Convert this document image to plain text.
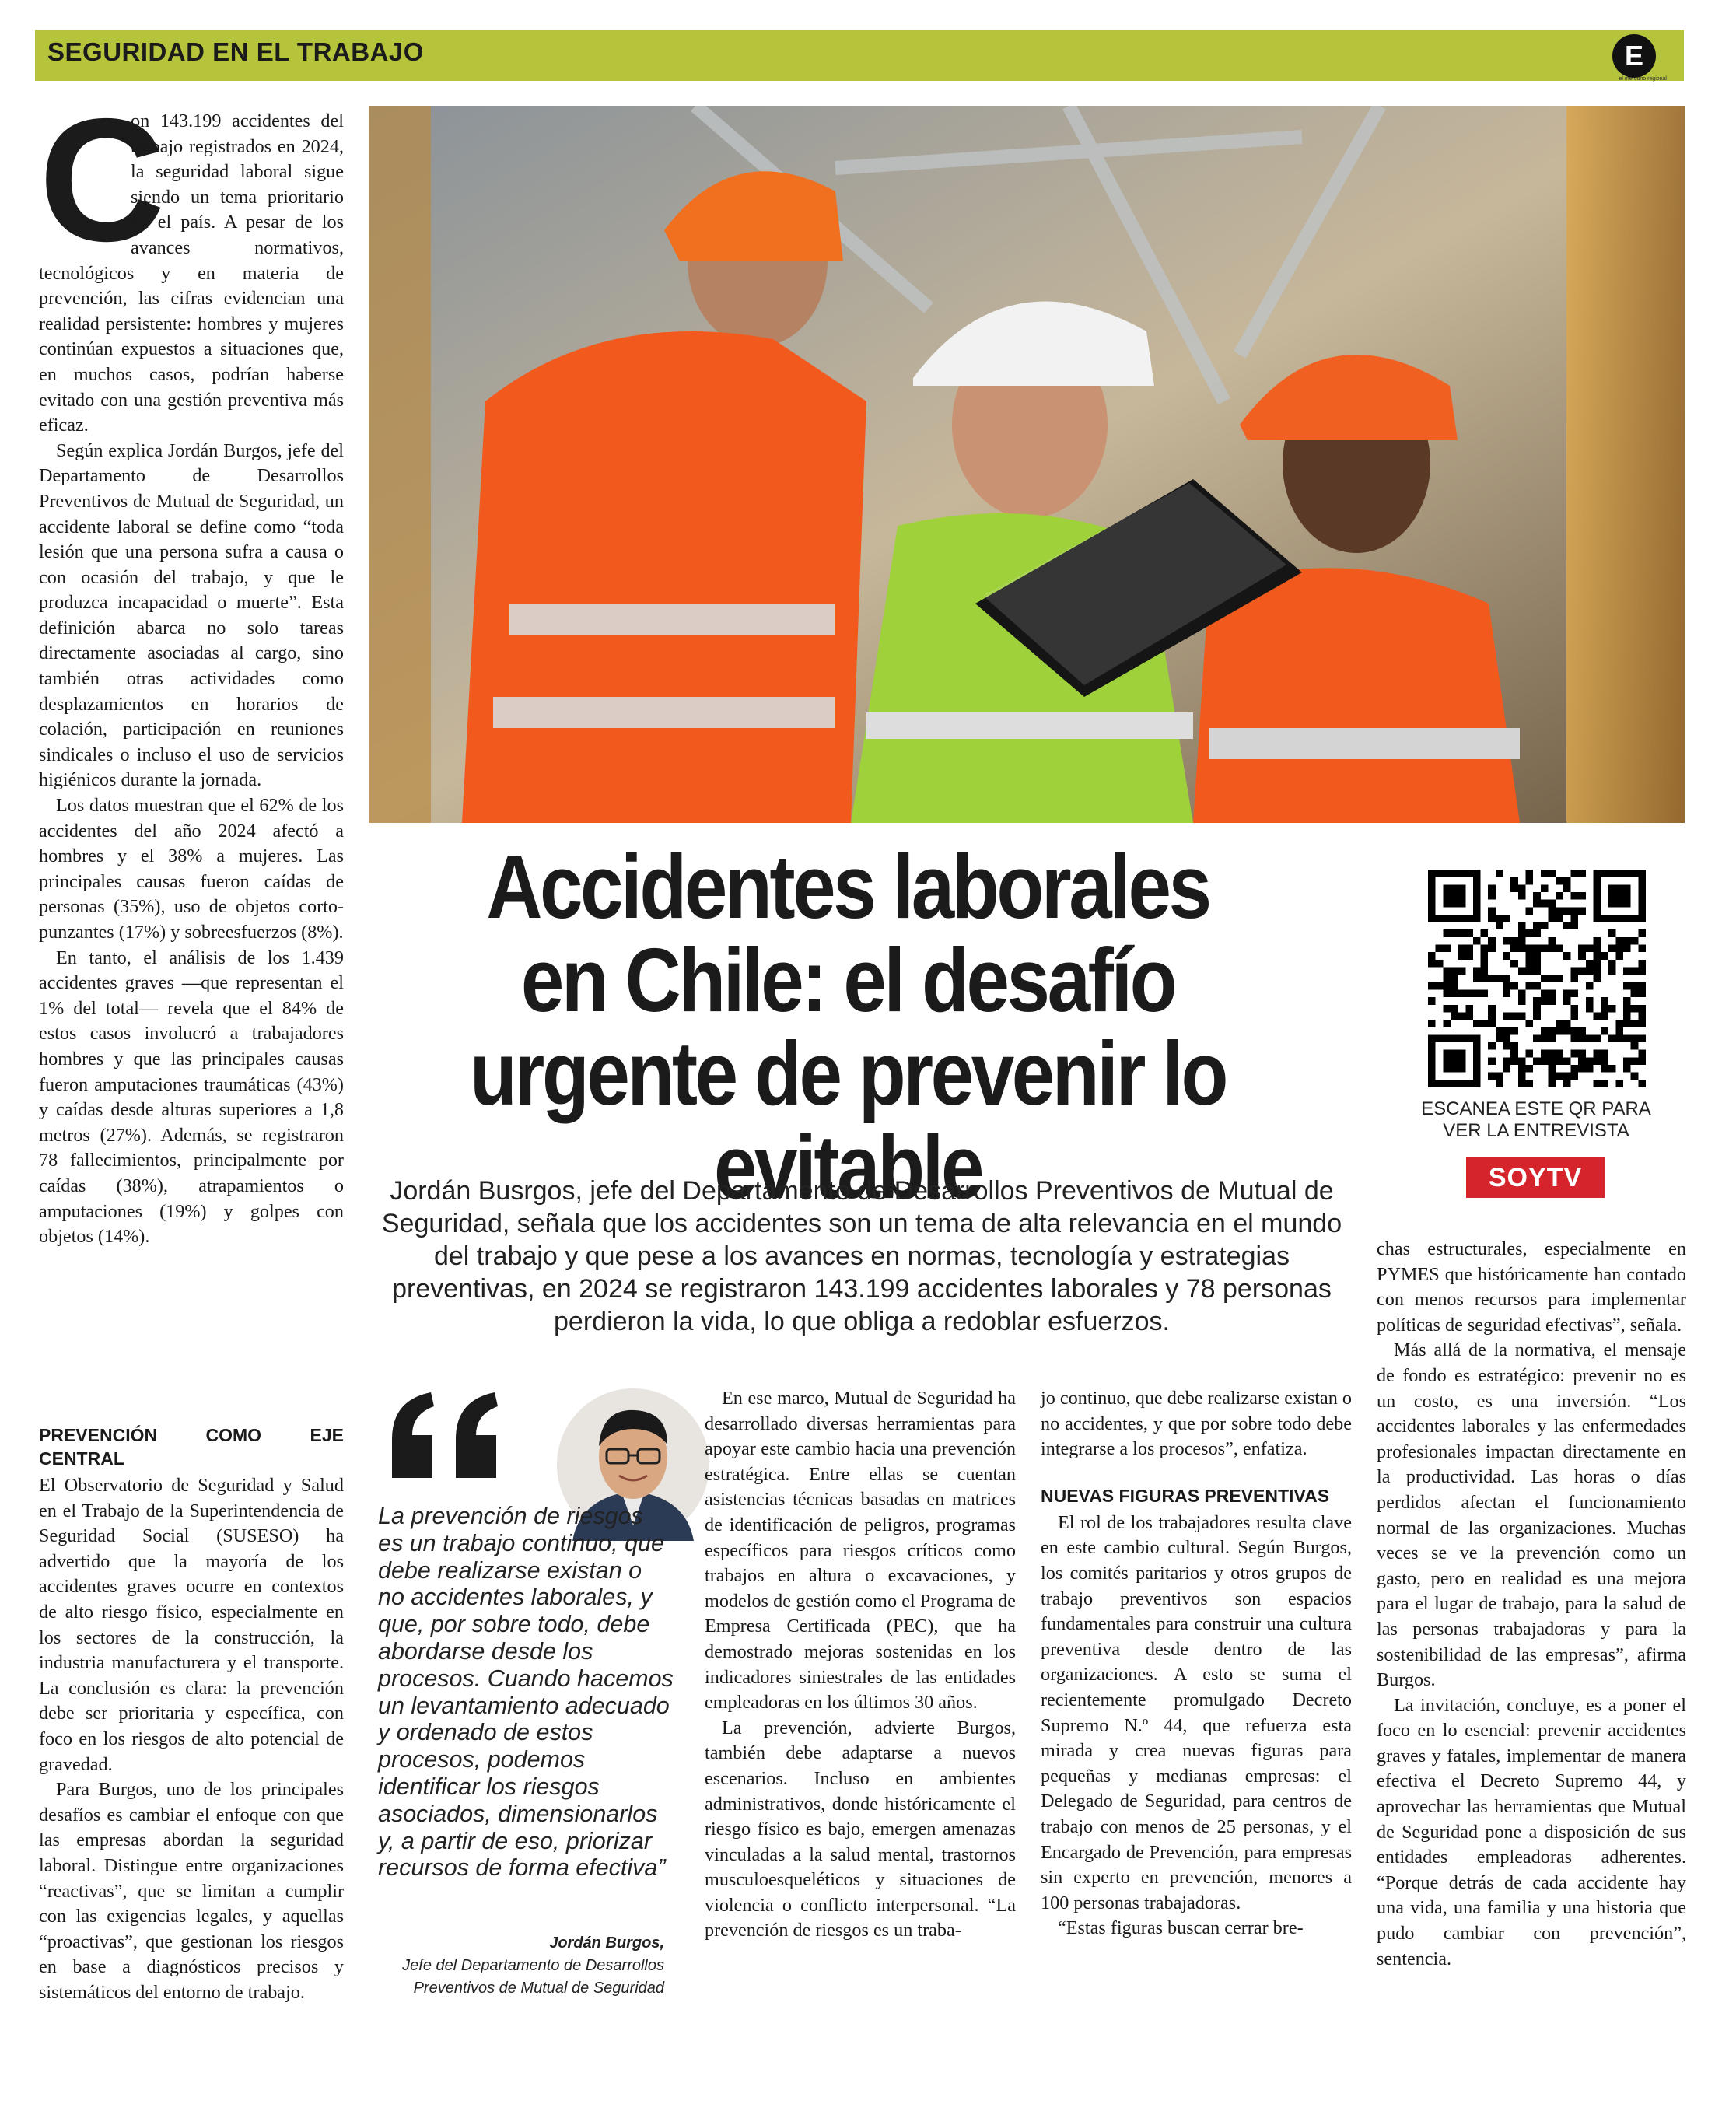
SEGURIDAD EN EL TRABAJO	E
el mercurio regional
C

on 143.199 accidentes del trabajo registrados en 2024, la seguridad laboral sigue siendo un tema prioritario en el país. A pesar de los avances normativos, tecnológicos y en materia de prevención, las cifras evidencian una realidad persistente: hombres y mujeres continúan expuestos a situaciones que, en muchos casos, podrían haberse evitado con una gestión preventiva más eficaz.

Según explica Jordán Burgos, jefe del Departamento de Desarrollos Preventivos de Mutual de Seguridad, un accidente laboral se define como “toda lesión que una persona sufra a causa o con ocasión del trabajo, y que le produzca incapacidad o muerte”. Esta definición abarca no solo tareas directamente asociadas al cargo, sino también otras actividades como desplazamientos en horarios de colación, participación en reuniones sindicales o incluso el uso de servicios higiénicos durante la jornada.

Los datos muestran que el 62% de los accidentes del año 2024 afectó a hombres y el 38% a mujeres. Las principales causas fueron caídas de personas (35%), uso de objetos corto-punzantes (17%) y sobreesfuerzos (8%).

En tanto, el análisis de los 1.439 accidentes graves —que representan el 1% del total— revela que el 84% de estos casos involucró a trabajadores hombres y que las principales causas fueron amputaciones traumáticas (43%) y caídas desde alturas superiores a 1,8 metros (27%). Además, se registraron 78 fallecimientos, principalmente por caídas (38%), atrapamientos o amputaciones (19%) y golpes con objetos (14%).

PREVENCIÓN COMO EJE CENTRAL

El Observatorio de Seguridad y Salud en el Trabajo de la Superintendencia de Seguridad Social (SUSESO) ha advertido que la mayoría de los accidentes graves ocurre en contextos de alto riesgo físico, especialmente en los sectores de la construcción, la industria manufacturera y el transporte. La conclusión es clara: la prevención debe ser prioritaria y específica, con foco en los riesgos de alto potencial de gravedad.

Para Burgos, uno de los principales desafíos es cambiar el enfoque con que las empresas abordan la seguridad laboral. Distingue entre organizaciones “reactivas”, que se limitan a cumplir con las exigencias legales, y aquellas “proactivas”, que gestionan los riesgos en base a diagnósticos precisos y sistemáticos del entorno de trabajo.

Accidentes laborales en Chile: el desafío urgente de prevenir lo evitable
Jordán Busrgos, jefe del Departamento de Desarrollos Preventivos de Mutual de Seguridad, señala que los accidentes son un tema de alta relevancia en el mundo del trabajo y que pese a los avances en normas, tecnología y estrategias preventivas, en 2024 se registraron 143.199 accidentes laborales y 78 personas perdieron la vida, lo que obliga a redoblar esfuerzos.
ESCANEA ESTE QR PARA VER LA ENTREVISTA
SOYTV
La prevención de riesgos es un trabajo continuo, que debe realizarse existan o no accidentes laborales, y que, por sobre todo, debe abordarse desde los procesos. Cuando hacemos un levantamiento adecuado y ordenado de estos procesos, podemos identificar los riesgos asociados, dimensionarlos y, a partir de eso, priorizar recursos de forma efectiva”
Jordán Burgos,
Jefe del Departamento de Desarrollos Preventivos de Mutual de Seguridad

En ese marco, Mutual de Seguridad ha desarrollado diversas herramientas para apoyar este cambio hacia una prevención estratégica. Entre ellas se cuentan asistencias técnicas basadas en matrices de identificación de peligros, programas específicos para riesgos críticos como trabajos en altura o excavaciones, y modelos de gestión como el Programa de Empresa Certificada (PEC), que ha demostrado mejoras sostenidas en los indicadores siniestrales de las entidades empleadoras en los últimos 30 años.

La prevención, advierte Burgos, también debe adaptarse a nuevos escenarios. Incluso en ambientes administrativos, donde históricamente el riesgo físico es bajo, emergen amenazas vinculadas a la salud mental, trastornos musculoesqueléticos y situaciones de violencia o conflicto interpersonal. “La prevención de riesgos es un traba-

jo continuo, que debe realizarse existan o no accidentes, y que por sobre todo debe integrarse a los procesos”, enfatiza.

NUEVAS FIGURAS PREVENTIVAS

El rol de los trabajadores resulta clave en este cambio cultural. Según Burgos, los comités paritarios y otros grupos de trabajo preventivos son espacios fundamentales para construir una cultura preventiva desde dentro de las organizaciones. A esto se suma el recientemente promulgado Decreto Supremo N.º 44, que refuerza esta mirada y crea nuevas figuras para pequeñas y medianas empresas: el Delegado de Seguridad, para centros de trabajo con menos de 25 personas, y el Encargado de Prevención, para empresas sin experto en prevención, menores a 100 personas trabajadoras.

“Estas figuras buscan cerrar bre-

chas estructurales, especialmente en PYMES que históricamente han contado con menos recursos para implementar políticas de seguridad efectivas”, señala.

Más allá de la normativa, el mensaje de fondo es estratégico: prevenir no es un costo, es una inversión. “Los accidentes laborales y las enfermedades profesionales impactan directamente en la productividad. Las horas o días perdidos afectan el funcionamiento normal de las organizaciones. Muchas veces se ve la prevención como un gasto, pero en realidad es una mejora para el lugar de trabajo, para la salud de las personas trabajadoras y para la sostenibilidad de las empresas”, afirma Burgos.

La invitación, concluye, es a poner el foco en lo esencial: prevenir accidentes graves y fatales, implementar de manera efectiva el Decreto Supremo 44, y aprovechar las herramientas que Mutual de Seguridad pone a disposición de sus entidades empleadoras adherentes. “Porque detrás de cada accidente hay una vida, una familia y una historia que pudo cambiar con prevención”, sentencia.
